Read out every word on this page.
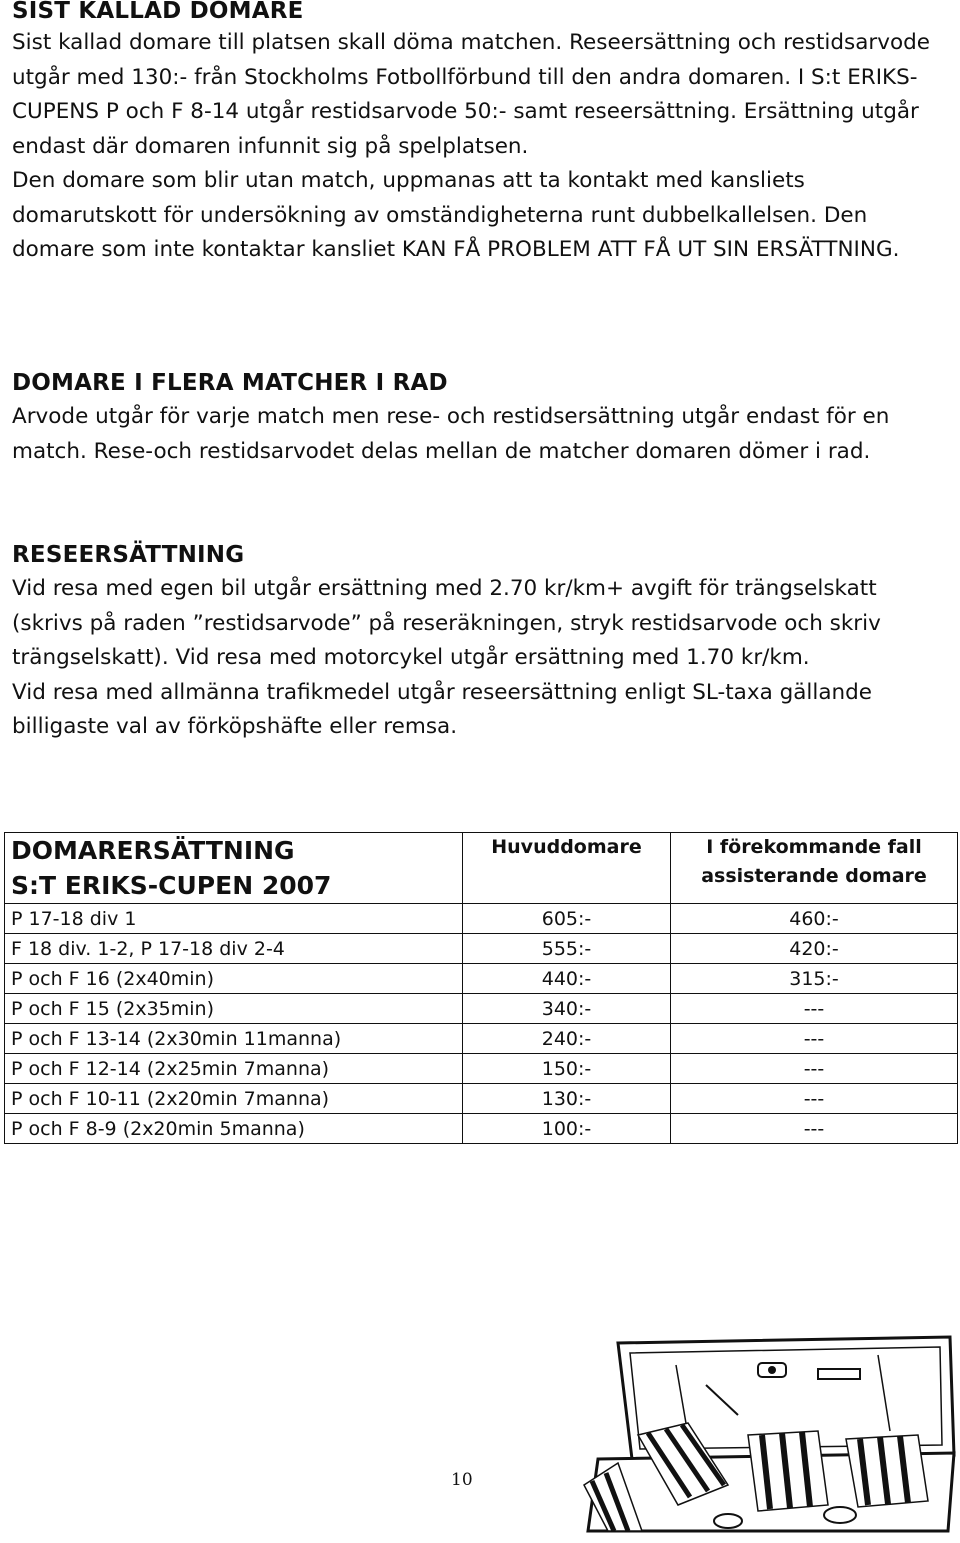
SIST KALLAD DOMARE

Sist kallad domare till platsen skall döma matchen. Reseersättning och restidsarvode utgår med 130:- från Stockholms Fotbollförbund till den andra domaren. I S:t ERIKS-CUPENS P och F 8-14 utgår restidsarvode 50:- samt reseersättning. Ersättning utgår endast där domaren infunnit sig på spelplatsen.

Den domare som blir utan match, uppmanas att ta kontakt med kansliets domarutskott för undersökning av omständigheterna runt dubbelkallelsen. Den domare som inte kontaktar kansliet KAN FÅ PROBLEM ATT FÅ UT SIN ERSÄTTNING.

DOMARE I FLERA MATCHER I RAD

Arvode utgår för varje match men rese- och restidsersättning utgår endast för en match. Rese-och restidsarvodet delas mellan de matcher domaren dömer i rad.

RESEERSÄTTNING

Vid resa med egen bil utgår ersättning med 2.70 kr/km+ avgift för trängselskatt (skrivs på raden ”restidsarvode” på reseräkningen, stryk restidsarvode och skriv trängselskatt). Vid resa med motorcykel utgår ersättning med 1.70 kr/km.

Vid resa med allmänna trafikmedel utgår reseersättning enligt SL-taxa gällande billigaste val av förköpshäfte eller remsa.

DOMARERSÄTTNING
S:T ERIKS-CUPEN 2007	Huvuddomare	I förekommande fall
assisterande domare
P 17-18 div 1	605:-	460:-
F 18 div. 1-2, P 17-18 div 2-4	555:-	420:-
P och F 16 (2x40min)	440:-	315:-
P och F 15 (2x35min)	340:-	---
P och F 13-14 (2x30min 11manna)	240:-	---
P och F 12-14 (2x25min 7manna)	150:-	---
P och F 10-11 (2x20min 7manna)	130:-	---
P och F 8-9 (2x20min 5manna)	100:-	---
10
